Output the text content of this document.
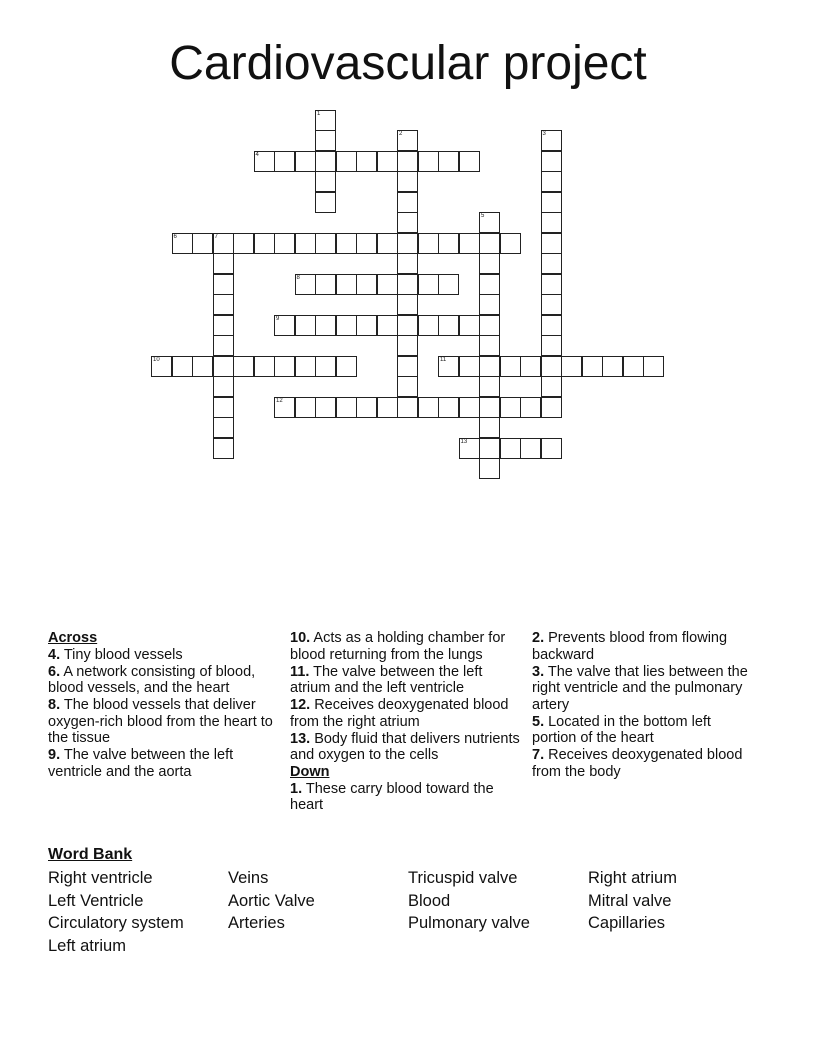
Cardiovascular project
4
6	7
8
9
10	11
12
13
1
2	3
5
Across
4. Tiny blood vessels
6. A network consisting of blood, blood vessels, and the heart
8. The blood vessels that deliver oxygen-rich blood from the heart to the tissue
9. The valve between the left ventricle and the aorta
10. Acts as a holding chamber for blood returning from the lungs
11. The valve between the left atrium and the left ventricle
12. Receives deoxygenated blood from the right atrium
13. Body fluid that delivers nutrients and oxygen to the cells
Down
1. These carry blood toward the heart
2. Prevents blood from flowing backward
3. The valve that lies between the right ventricle and the pulmonary artery
5. Located in the bottom left portion of the heart
7. Receives deoxygenated blood from the body
Word Bank
Right ventricle
Left Ventricle
Circulatory system
Left atrium
Veins
Aortic Valve
Arteries
Tricuspid valve
Blood
Pulmonary valve
Right atrium
Mitral valve
Capillaries
